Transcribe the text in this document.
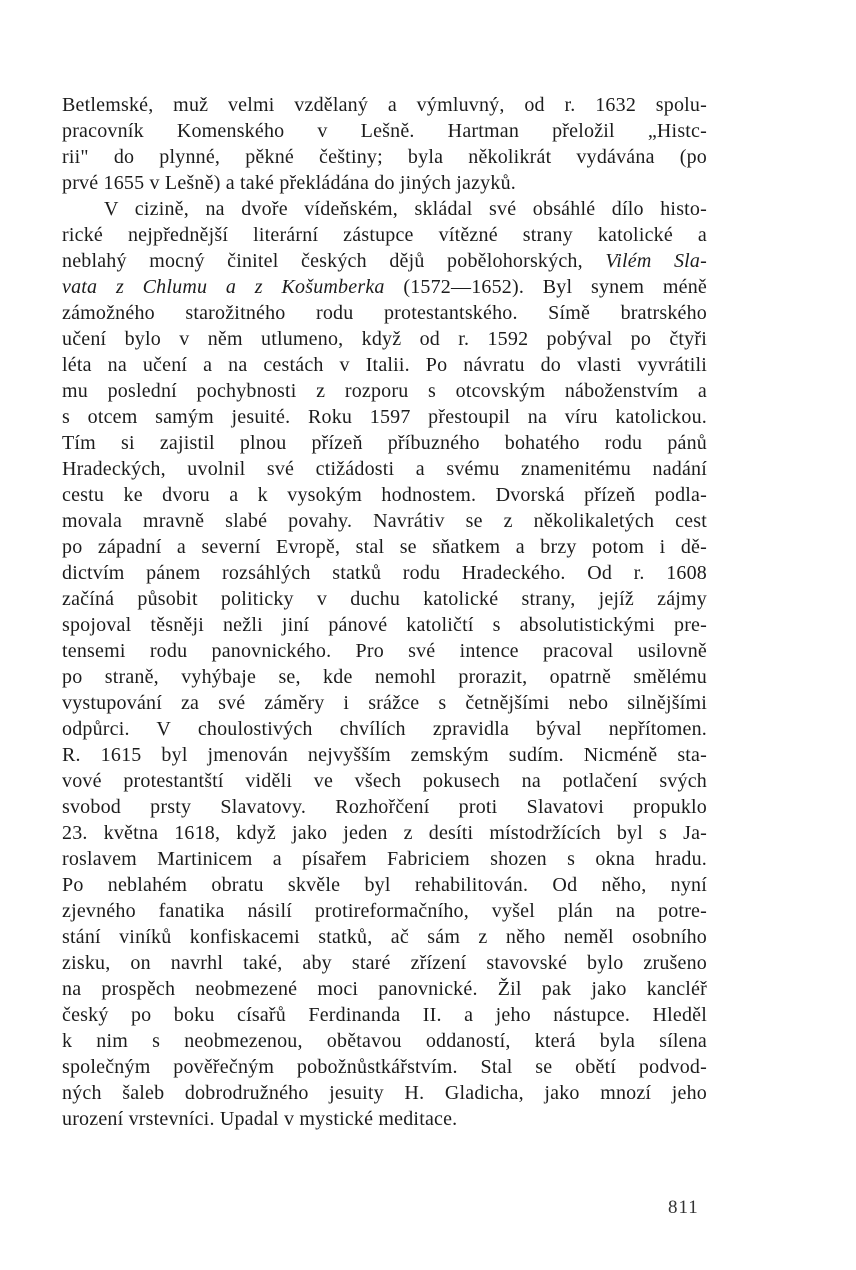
Betlemské, muž velmi vzdělaný a výmluvný, od r. 1632 spolu-
pracovník Komenského v Lešně. Hartman přeložil „Histc-
rii" do plynné, pěkné češtiny; byla několikrát vydávána (po
prvé 1655 v Lešně) a také překládána do jiných jazyků.
V cizině, na dvoře vídeňském, skládal své obsáhlé dílo histo-
rické nejpřednější literární zástupce vítězné strany katolické a
neblahý mocný činitel českých dějů pobělohorských, Vilém Sla-
vata z Chlumu a z Košumberka (1572—1652). Byl synem méně
zámožného starožitného rodu protestantského. Símě bratrského
učení bylo v něm utlumeno, když od r. 1592 pobýval po čtyři
léta na učení a na cestách v Italii. Po návratu do vlasti vyvrátili
mu poslední pochybnosti z rozporu s otcovským náboženstvím a
s otcem samým jesuité. Roku 1597 přestoupil na víru katolickou.
Tím si zajistil plnou přízeň příbuzného bohatého rodu pánů
Hradeckých, uvolnil své ctižádosti a svému znamenitému nadání
cestu ke dvoru a k vysokým hodnostem. Dvorská přízeň podla-
movala mravně slabé povahy. Navrátiv se z několikaletých cest
po západní a severní Evropě, stal se sňatkem a brzy potom i dě-
dictvím pánem rozsáhlých statků rodu Hradeckého. Od r. 1608
začíná působit politicky v duchu katolické strany, jejíž zájmy
spojoval těsněji nežli jiní pánové katoličtí s absolutistickými pre-
tensemi rodu panovnického. Pro své intence pracoval usilovně
po straně, vyhýbaje se, kde nemohl prorazit, opatrně smělému
vystupování za své záměry i srážce s četnějšími nebo silnějšími
odpůrci. V choulostivých chvílích zpravidla býval nepřítomen.
R. 1615 byl jmenován nejvyšším zemským sudím. Nicméně sta-
vové protestantští viděli ve všech pokusech na potlačení svých
svobod prsty Slavatovy. Rozhořčení proti Slavatovi propuklo
23. května 1618, když jako jeden z desíti místodržících byl s Ja-
roslavem Martinicem a písařem Fabriciem shozen s okna hradu.
Po neblahém obratu skvěle byl rehabilitován. Od něho, nyní
zjevného fanatika násilí protireformačního, vyšel plán na potre-
stání viníků konfiskacemi statků, ač sám z něho neměl osobního
zisku, on navrhl také, aby staré zřízení stavovské bylo zrušeno
na prospěch neobmezené moci panovnické. Žil pak jako kancléř
český po boku císařů Ferdinanda II. a jeho nástupce. Hleděl
k nim s neobmezenou, obětavou oddaností, která byla sílena
společným pověřečným pobožnůstkářstvím. Stal se obětí podvod-
ných šaleb dobrodružného jesuity H. Gladicha, jako mnozí jeho
urození vrstevníci. Upadal v mystické meditace.
811
